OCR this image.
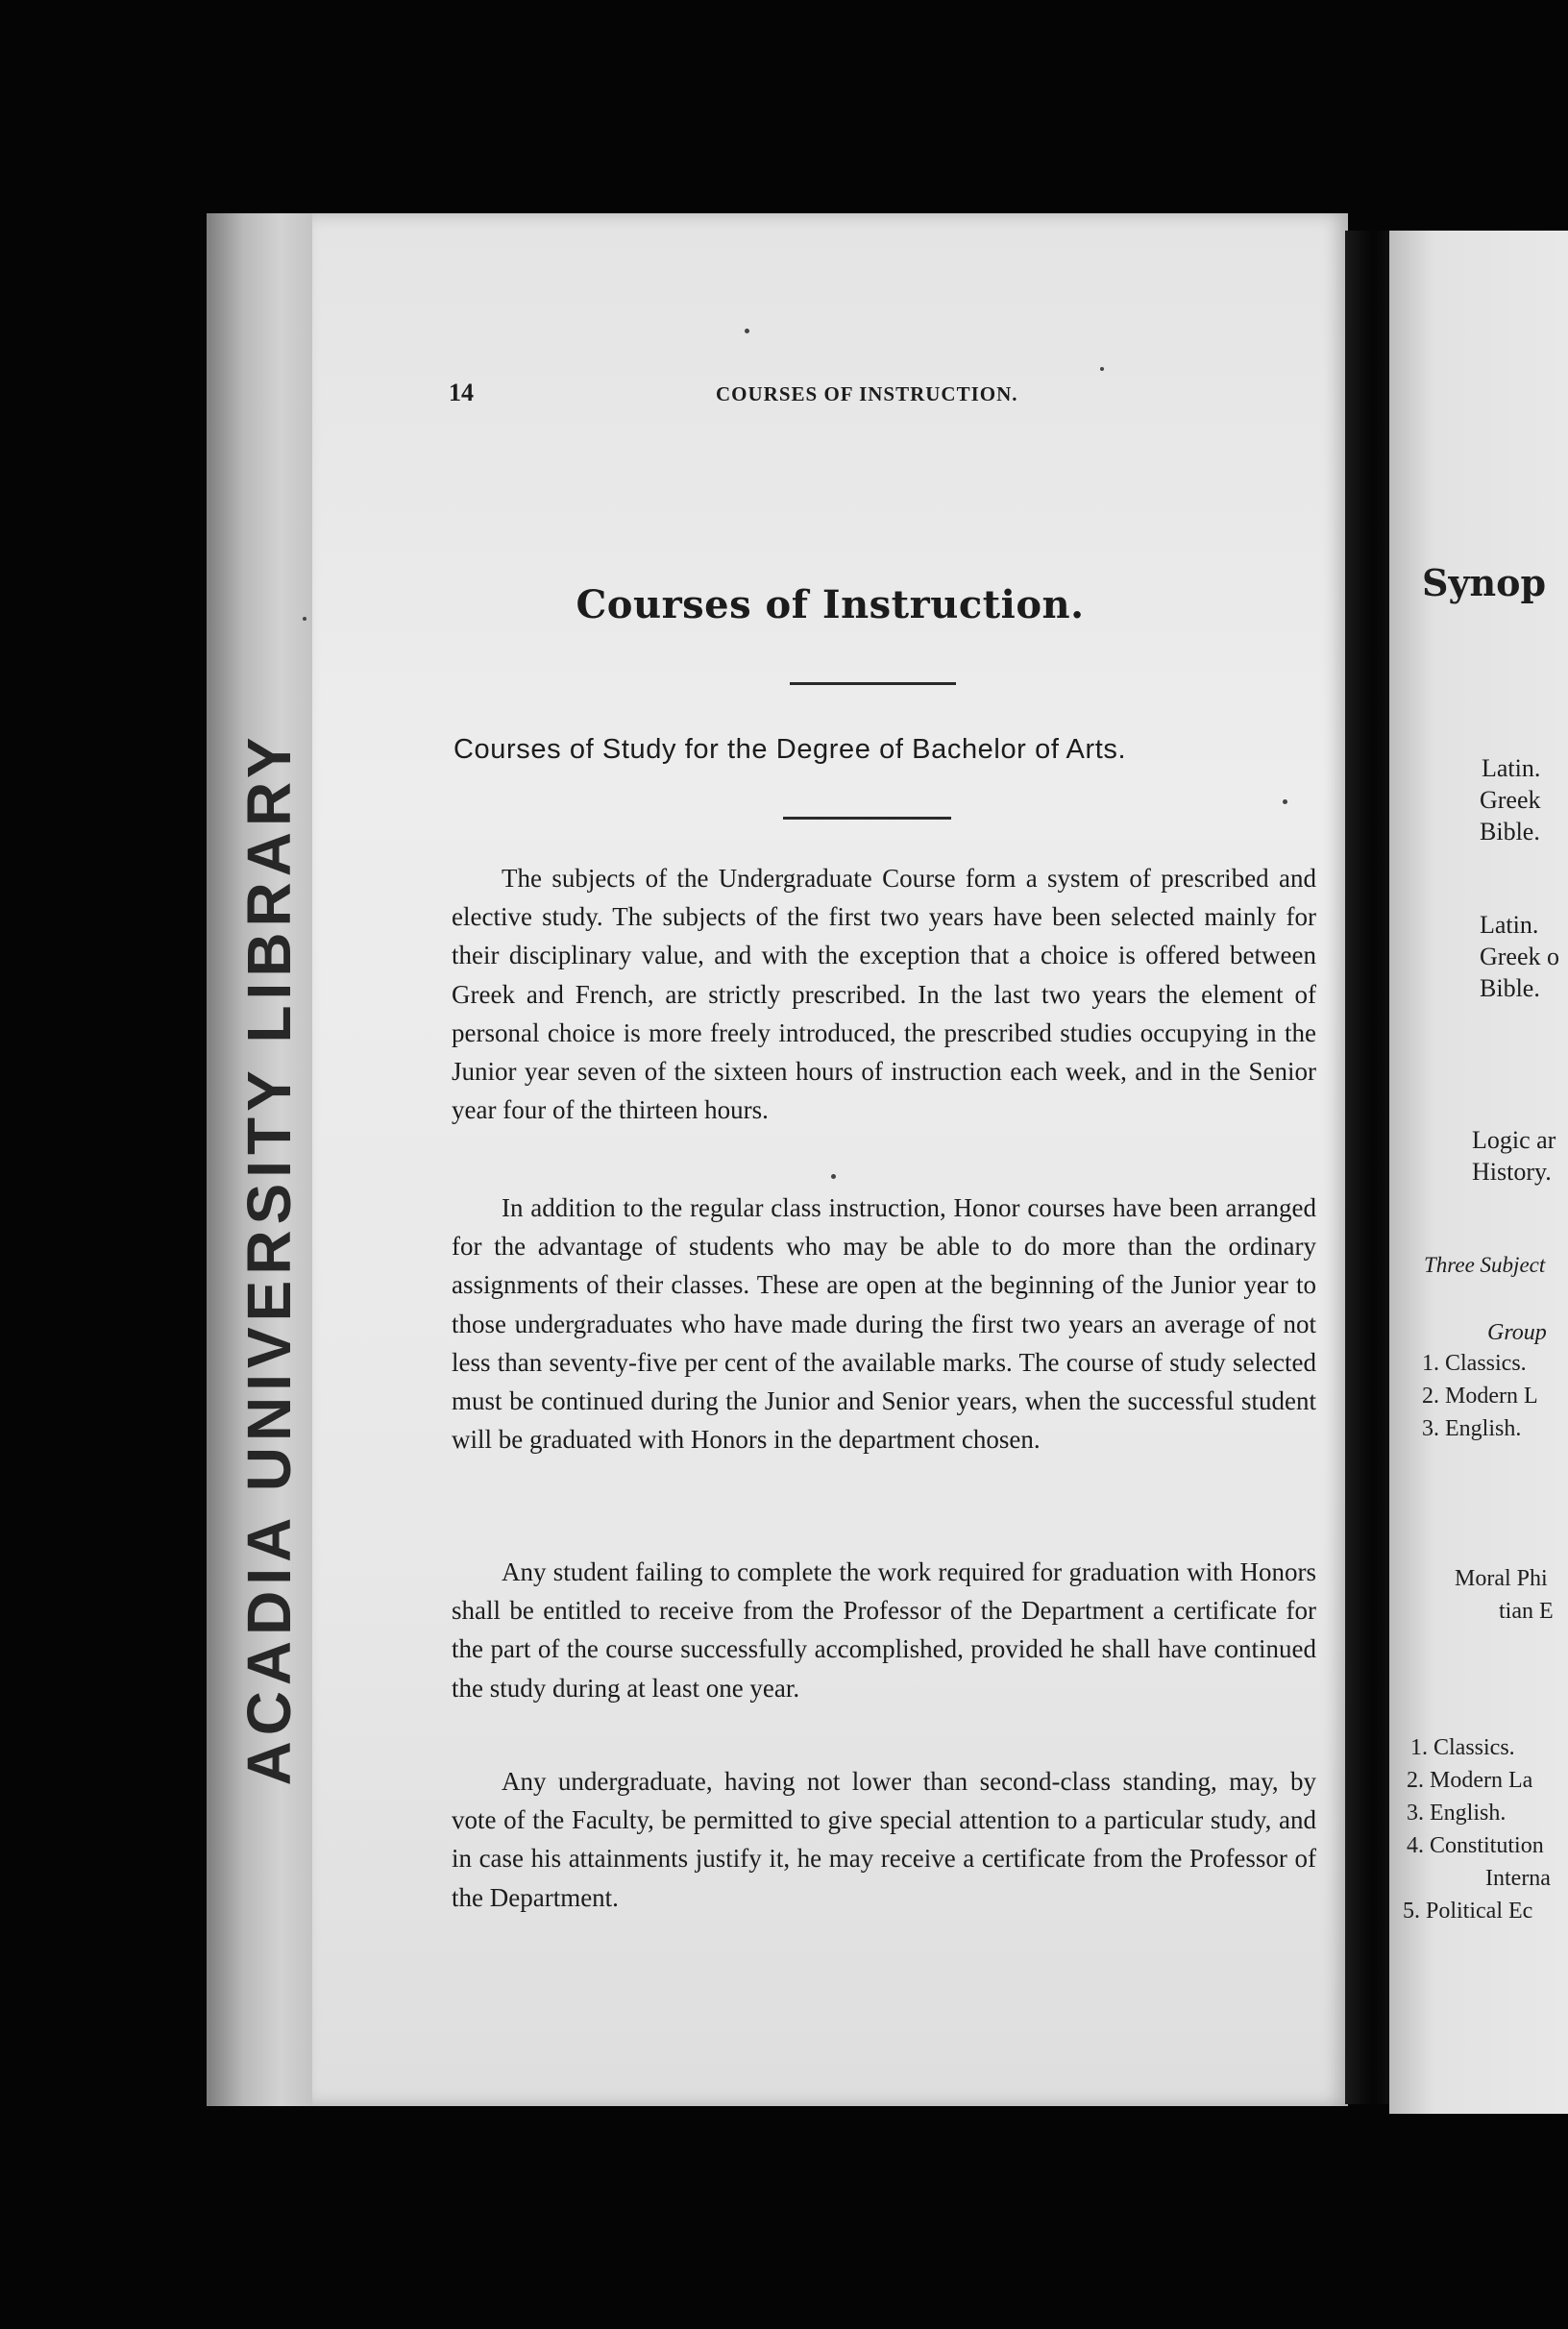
ACADIA UNIVERSITY LIBRARY
14	COURSES OF INSTRUCTION.
Courses of Instruction.
Courses of Study for the Degree of Bachelor of Arts.

The subjects of the Undergraduate Course form a system of prescribed and elective study. The subjects of the first two years have been selected mainly for their disciplinary value, and with the exception that a choice is offered between Greek and French, are strictly prescribed. In the last two years the element of personal choice is more freely introduced, the prescribed studies occupying in the Junior year seven of the sixteen hours of instruction each week, and in the Senior year four of the thirteen hours.

In addition to the regular class instruction, Honor courses have been arranged for the advantage of students who may be able to do more than the ordinary assignments of their classes. These are open at the beginning of the Junior year to those undergraduates who have made during the first two years an average of not less than seventy-five per cent of the available marks. The course of study selected must be continued during the Junior and Senior years, when the successful student will be graduated with Honors in the department chosen.

Any student failing to complete the work required for graduation with Honors shall be entitled to receive from the Professor of the Department a certificate for the part of the course successfully accomplished, provided he shall have continued the study during at least one year.

Any undergraduate, having not lower than second-class standing, may, by vote of the Faculty, be permitted to give special attention to a particular study, and in case his attainments justify it, he may receive a certificate from the Professor of the Department.

Synop
Latin.
Greek
Bible.
Latin.
Greek o
Bible.
Logic ar
History.
Three Subject
Group
1. Classics.
2. Modern L
3. English.
Moral Phi
tian E
1. Classics.
2. Modern La
3. English.
4. Constitution
Interna
5. Political Ec
